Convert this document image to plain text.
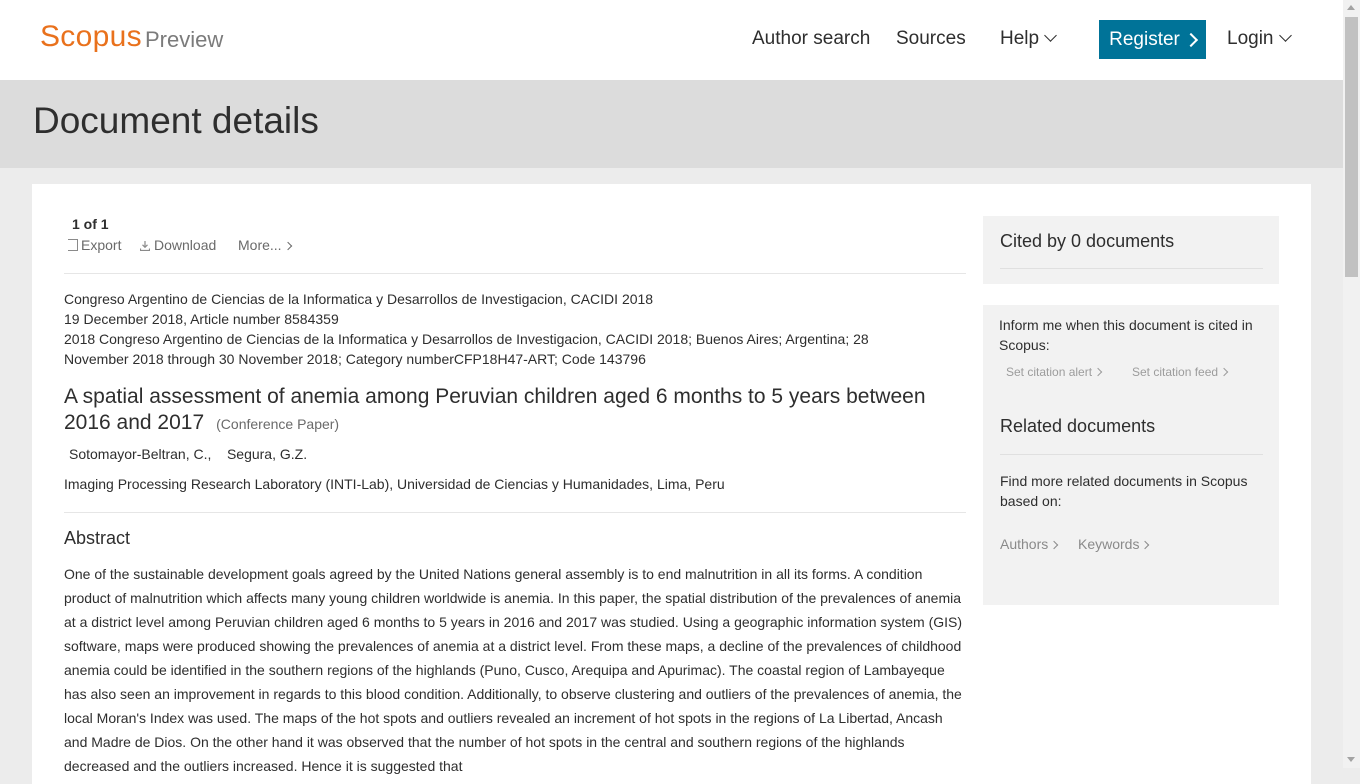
Scopus Preview	Author search Sources Help	Register Login
Document details
1 of 1
Export	Download More...
Congreso Argentino de Ciencias de la Informatica y Desarrollos de Investigacion, CACIDI 2018
19 December 2018, Article number 8584359
2018 Congreso Argentino de Ciencias de la Informatica y Desarrollos de Investigacion, CACIDI 2018; Buenos Aires; Argentina; 28 November 2018 through 30 November 2018; Category numberCFP18H47-ART; Code 143796
A spatial assessment of anemia among Peruvian children aged 6 months to 5 years between 2016 and 2017 (Conference Paper)
Sotomayor-Beltran, C., Segura, G.Z.
Imaging Processing Research Laboratory (INTI-Lab), Universidad de Ciencias y Humanidades, Lima, Peru
Abstract
One of the sustainable development goals agreed by the United Nations general assembly is to end malnutrition in all its forms. A condition product of malnutrition which affects many young children worldwide is anemia. In this paper, the spatial distribution of the prevalences of anemia at a district level among Peruvian children aged 6 months to 5 years in 2016 and 2017 was studied. Using a geographic information system (GIS) software, maps were produced showing the prevalences of anemia at a district level. From these maps, a decline of the prevalences of childhood anemia could be identified in the southern regions of the highlands (Puno, Cusco, Arequipa and Apurimac). The coastal region of Lambayeque has also seen an improvement in regards to this blood condition. Additionally, to observe clustering and outliers of the prevalences of anemia, the local Moran's Index was used. The maps of the hot spots and outliers revealed an increment of hot spots in the regions of La Libertad, Ancash and Madre de Dios. On the other hand it was observed that the number of hot spots in the central and southern regions of the highlands decreased and the outliers increased. Hence it is suggested that
Cited by 0 documents
Inform me when this document is cited in Scopus:
Set citation alert	Set citation feed
Related documents
Find more related documents in Scopus based on:
Authors	Keywords
